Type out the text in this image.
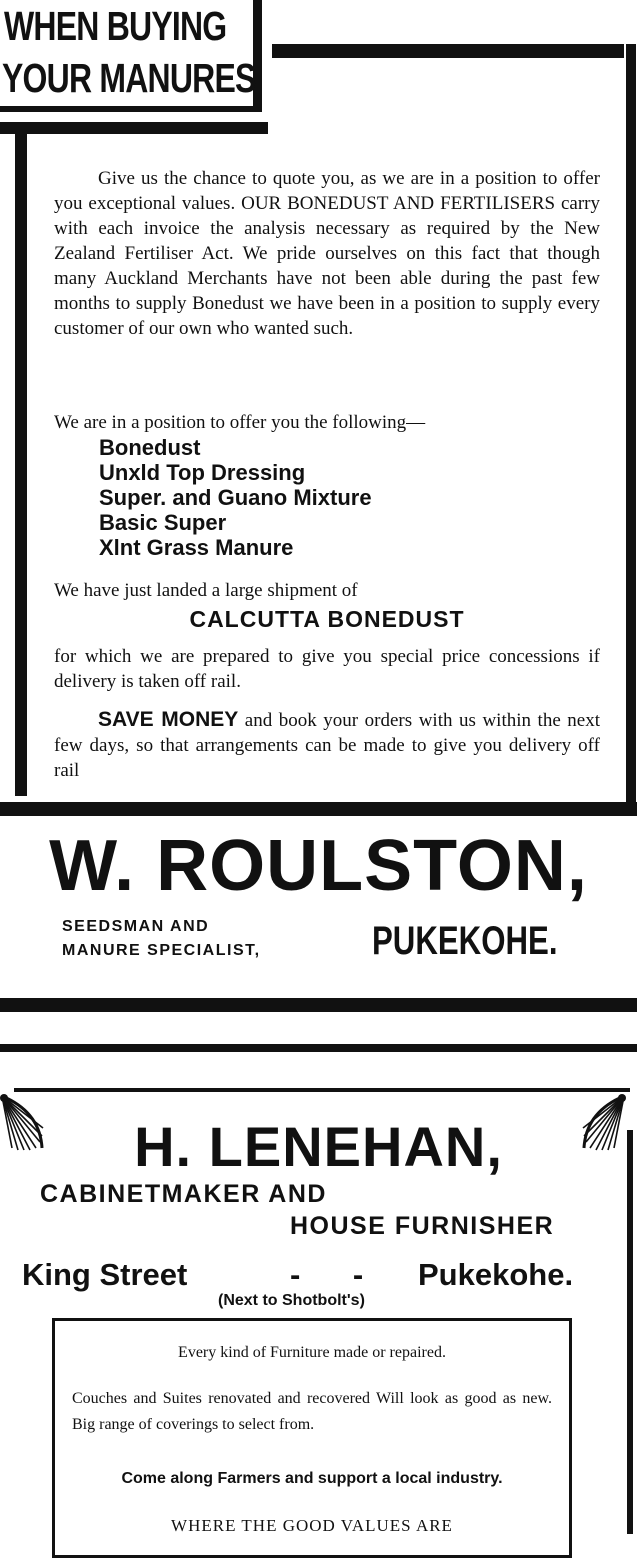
WHEN BUYING
YOUR MANURES
Give us the chance to quote you, as we are in a position to offer you exceptional values. OUR BONEDUST AND FERTILISERS carry with each invoice the analysis necessary as required by the New Zealand Fertiliser Act. We pride ourselves on this fact that though many Auckland Merchants have not been able during the past few months to supply Bonedust we have been in a position to supply every customer of our own who wanted such.
We are in a position to offer you the following—
Bonedust
Unxld Top Dressing
Super. and Guano Mixture
Basic Super
Xlnt Grass Manure
We have just landed a large shipment of
CALCUTTA BONEDUST
for which we are prepared to give you special price concessions if delivery is taken off rail.
SAVE MONEY and book your orders with us within the next few days, so that arrangements can be made to give you delivery off rail
W. ROULSTON,
SEEDSMAN AND
MANURE SPECIALIST,	PUKEKOHE.
H. LENEHAN,
CABINETMAKER AND
HOUSE FURNISHER
King Street	- - Pukekohe.
(Next to Shotbolt's)
Every kind of Furniture made or repaired.
Couches and Suites renovated and recovered Will look as good as new. Big range of coverings to select from.
Come along Farmers and support a local industry.
WHERE THE GOOD VALUES ARE
